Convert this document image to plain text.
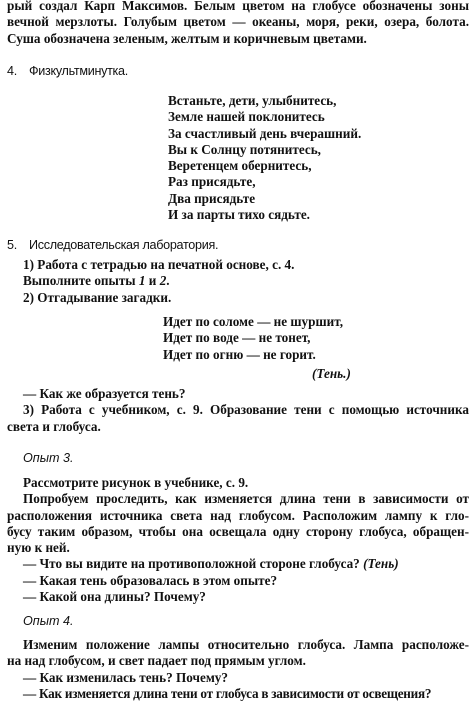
рый создал Карп Максимов. Белым цветом на глобусе обозначены зоны
вечной мерзлоты. Голубым цветом — океаны, моря, реки, озера, болота.
Суша обозначена зеленым, желтым и коричневым цветами.
4. Физкультминутка.
Встаньте, дети, улыбнитесь,
Земле нашей поклонитесь
За счастливый день вчерашний.
Вы к Солнцу потянитесь,
Веретенцем обернитесь,
Раз присядьте,
Два присядьте
И за парты тихо сядьте.
5. Исследовательская лаборатория.
1) Работа с тетрадью на печатной основе, с. 4.
Выполните опыты 1 и 2.
2) Отгадывание загадки.
Идет по соломе — не шуршит,
Идет по воде — не тонет,
Идет по огню — не горит.
(Тень.)
— Как же образуется тень?
3) Работа с учебником, с. 9. Образование тени с помощью источника
света и глобуса.
Опыт 3.
Рассмотрите рисунок в учебнике, с. 9.
Попробуем проследить, как изменяется длина тени в зависимости от
расположения источника света над глобусом. Расположим лампу к гло-
бусу таким образом, чтобы она освещала одну сторону глобуса, обращен-
ную к ней.
— Что вы видите на противоположной стороне глобуса? (Тень)
— Какая тень образовалась в этом опыте?
— Какой она длины? Почему?
Опыт 4.
Изменим положение лампы относительно глобуса. Лампа расположе-
на над глобусом, и свет падает под прямым углом.
— Как изменилась тень? Почему?
— Как изменяется длина тени от глобуса в зависимости от освещения?
